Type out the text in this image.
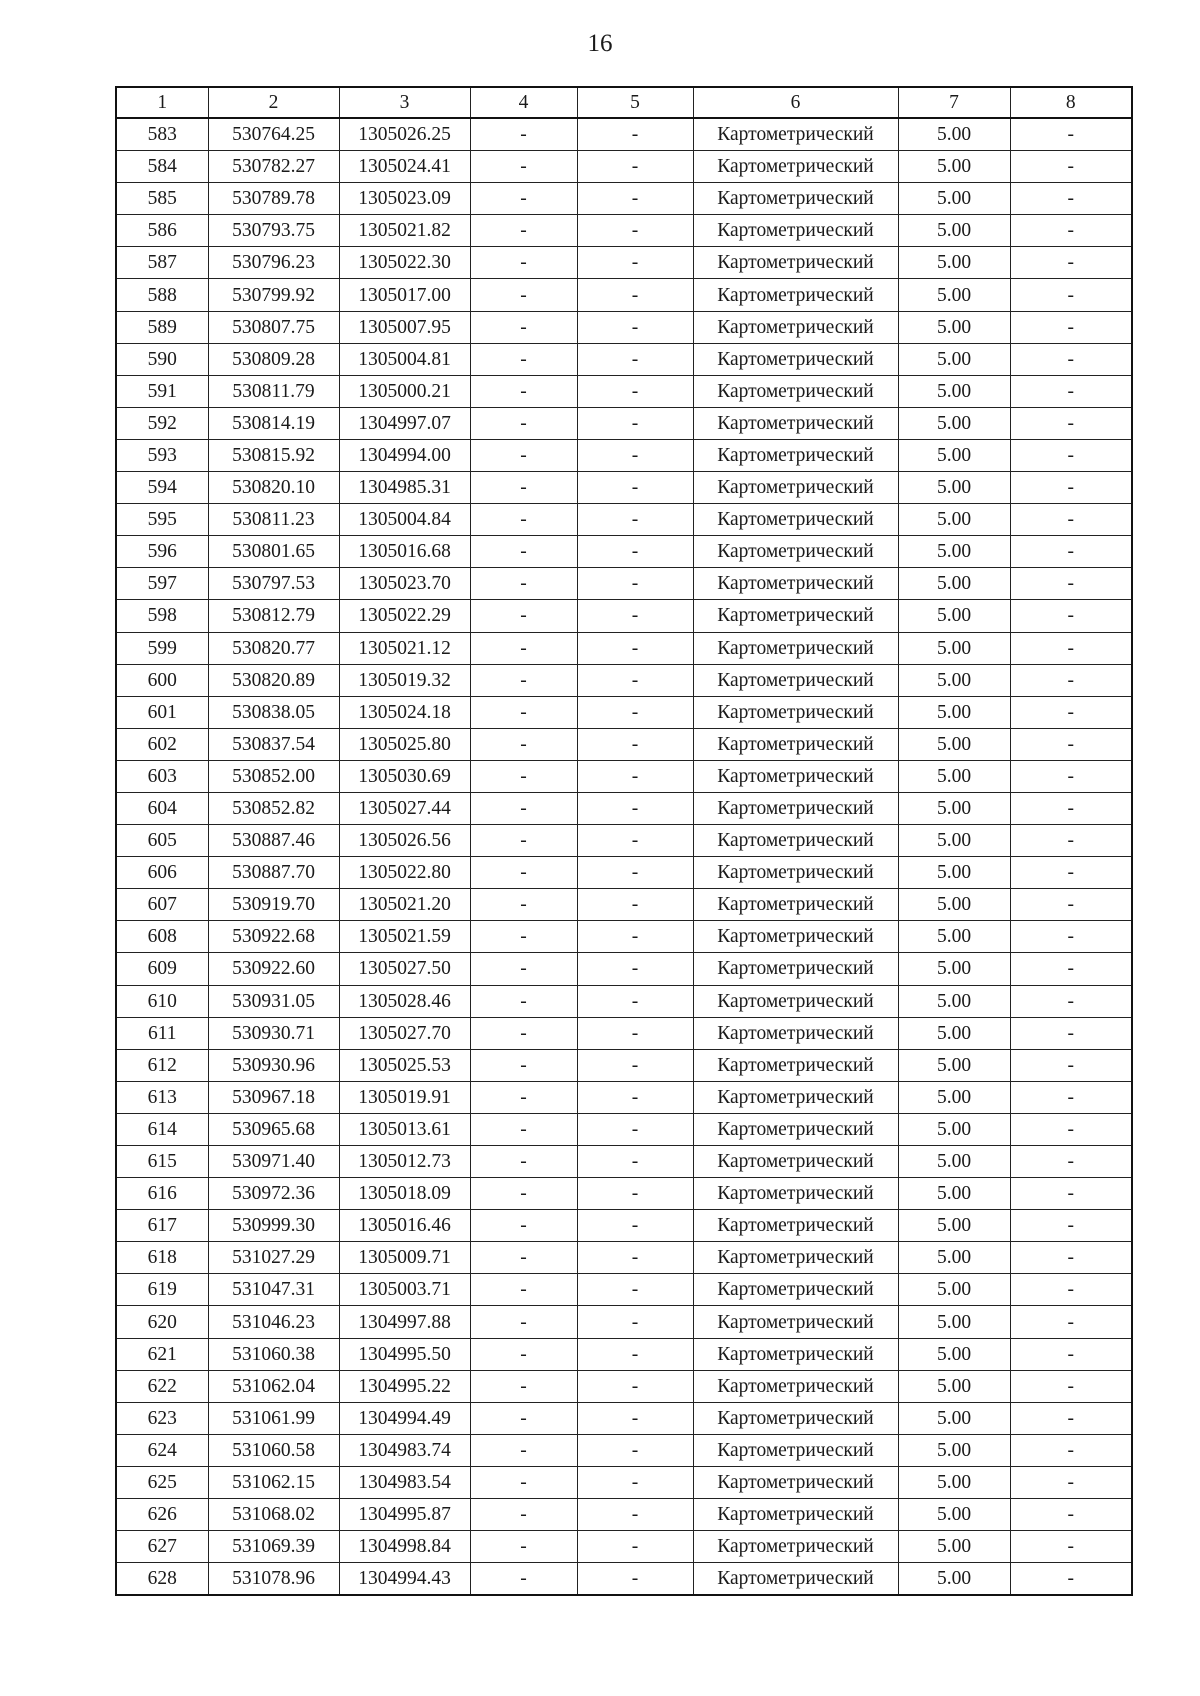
16
1	2	3	4	5	6	7	8
583	530764.25	1305026.25	-	-	Картометрический	5.00	-
584	530782.27	1305024.41	-	-	Картометрический	5.00	-
585	530789.78	1305023.09	-	-	Картометрический	5.00	-
586	530793.75	1305021.82	-	-	Картометрический	5.00	-
587	530796.23	1305022.30	-	-	Картометрический	5.00	-
588	530799.92	1305017.00	-	-	Картометрический	5.00	-
589	530807.75	1305007.95	-	-	Картометрический	5.00	-
590	530809.28	1305004.81	-	-	Картометрический	5.00	-
591	530811.79	1305000.21	-	-	Картометрический	5.00	-
592	530814.19	1304997.07	-	-	Картометрический	5.00	-
593	530815.92	1304994.00	-	-	Картометрический	5.00	-
594	530820.10	1304985.31	-	-	Картометрический	5.00	-
595	530811.23	1305004.84	-	-	Картометрический	5.00	-
596	530801.65	1305016.68	-	-	Картометрический	5.00	-
597	530797.53	1305023.70	-	-	Картометрический	5.00	-
598	530812.79	1305022.29	-	-	Картометрический	5.00	-
599	530820.77	1305021.12	-	-	Картометрический	5.00	-
600	530820.89	1305019.32	-	-	Картометрический	5.00	-
601	530838.05	1305024.18	-	-	Картометрический	5.00	-
602	530837.54	1305025.80	-	-	Картометрический	5.00	-
603	530852.00	1305030.69	-	-	Картометрический	5.00	-
604	530852.82	1305027.44	-	-	Картометрический	5.00	-
605	530887.46	1305026.56	-	-	Картометрический	5.00	-
606	530887.70	1305022.80	-	-	Картометрический	5.00	-
607	530919.70	1305021.20	-	-	Картометрический	5.00	-
608	530922.68	1305021.59	-	-	Картометрический	5.00	-
609	530922.60	1305027.50	-	-	Картометрический	5.00	-
610	530931.05	1305028.46	-	-	Картометрический	5.00	-
611	530930.71	1305027.70	-	-	Картометрический	5.00	-
612	530930.96	1305025.53	-	-	Картометрический	5.00	-
613	530967.18	1305019.91	-	-	Картометрический	5.00	-
614	530965.68	1305013.61	-	-	Картометрический	5.00	-
615	530971.40	1305012.73	-	-	Картометрический	5.00	-
616	530972.36	1305018.09	-	-	Картометрический	5.00	-
617	530999.30	1305016.46	-	-	Картометрический	5.00	-
618	531027.29	1305009.71	-	-	Картометрический	5.00	-
619	531047.31	1305003.71	-	-	Картометрический	5.00	-
620	531046.23	1304997.88	-	-	Картометрический	5.00	-
621	531060.38	1304995.50	-	-	Картометрический	5.00	-
622	531062.04	1304995.22	-	-	Картометрический	5.00	-
623	531061.99	1304994.49	-	-	Картометрический	5.00	-
624	531060.58	1304983.74	-	-	Картометрический	5.00	-
625	531062.15	1304983.54	-	-	Картометрический	5.00	-
626	531068.02	1304995.87	-	-	Картометрический	5.00	-
627	531069.39	1304998.84	-	-	Картометрический	5.00	-
628	531078.96	1304994.43	-	-	Картометрический	5.00	-
